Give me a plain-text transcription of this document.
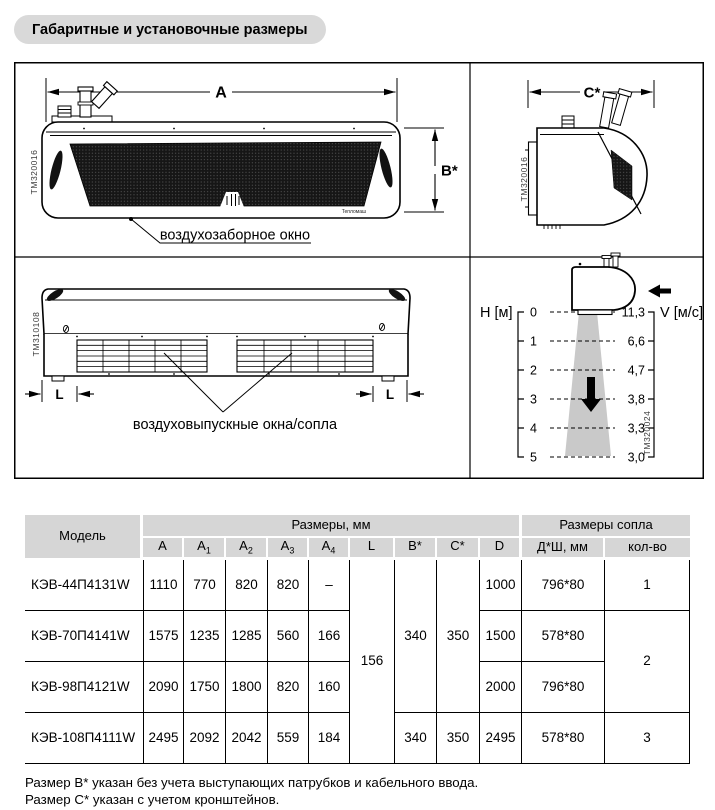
Габаритные и установочные размеры
A
Тепломаш
B*
воздухозаборное окно
TM320016
C*
TM320016
L	L
воздуховыпускные окна/сопла
TM310108	H [м] 0
1
2
3
4
5
V [м/с]
11,3
6,6
4,7
3,8
3,3
3,0
TM320024
Модель	Размеры, мм									Размеры сопла	
	A	$A_1$	$A_2$	$A_3$	$A_4$	L	B*	C*	D	Д*Ш, мм	кол-во
КЭВ-44П4131W	1110	770	820	820	–	156	340	350	1000	796*80	1
КЭВ-70П4141W	1575	1235	1285	560	166				1500	578*80	2
КЭВ-98П4121W	2090	1750	1800	820	160				2000	796*80	
КЭВ-108П4111W	2495	2092	2042	559	184		340	350	2495	578*80	3
Размер B* указан без учета выступающих патрубков и кабельного ввода.
Размер C* указан с учетом кронштейнов.
